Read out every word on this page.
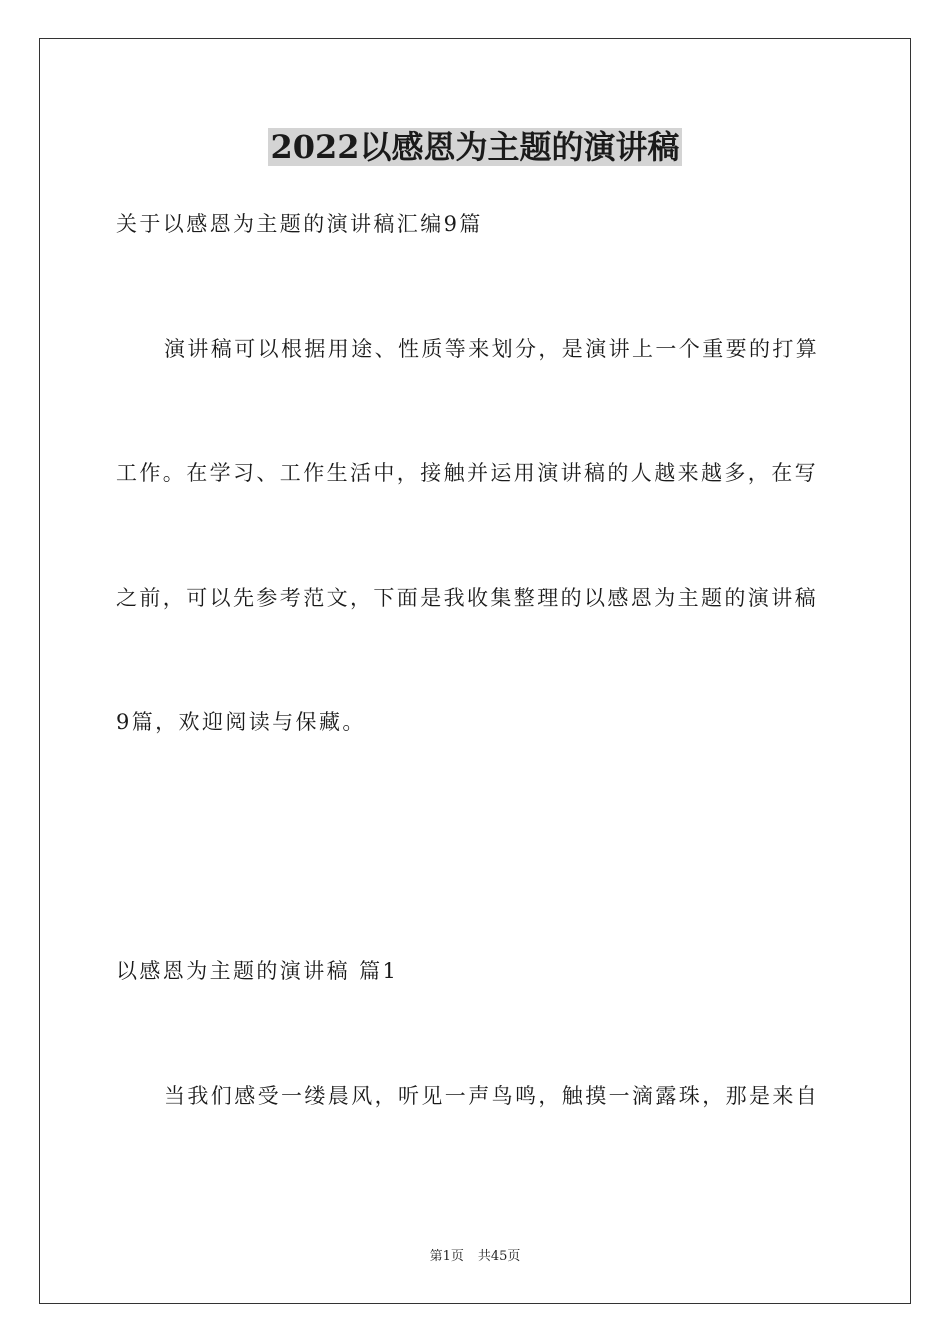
2022以感恩为主题的演讲稿
关于以感恩为主题的演讲稿汇编9篇
演讲稿可以根据用途、性质等来划分，是演讲上一个重要的打算
工作。在学习、工作生活中，接触并运用演讲稿的人越来越多，在写
之前，可以先参考范文，下面是我收集整理的以感恩为主题的演讲稿
9篇，欢迎阅读与保藏。
以感恩为主题的演讲稿 篇1
当我们感受一缕晨风，听见一声鸟鸣，触摸一滴露珠，那是来自
第1页 共45页
